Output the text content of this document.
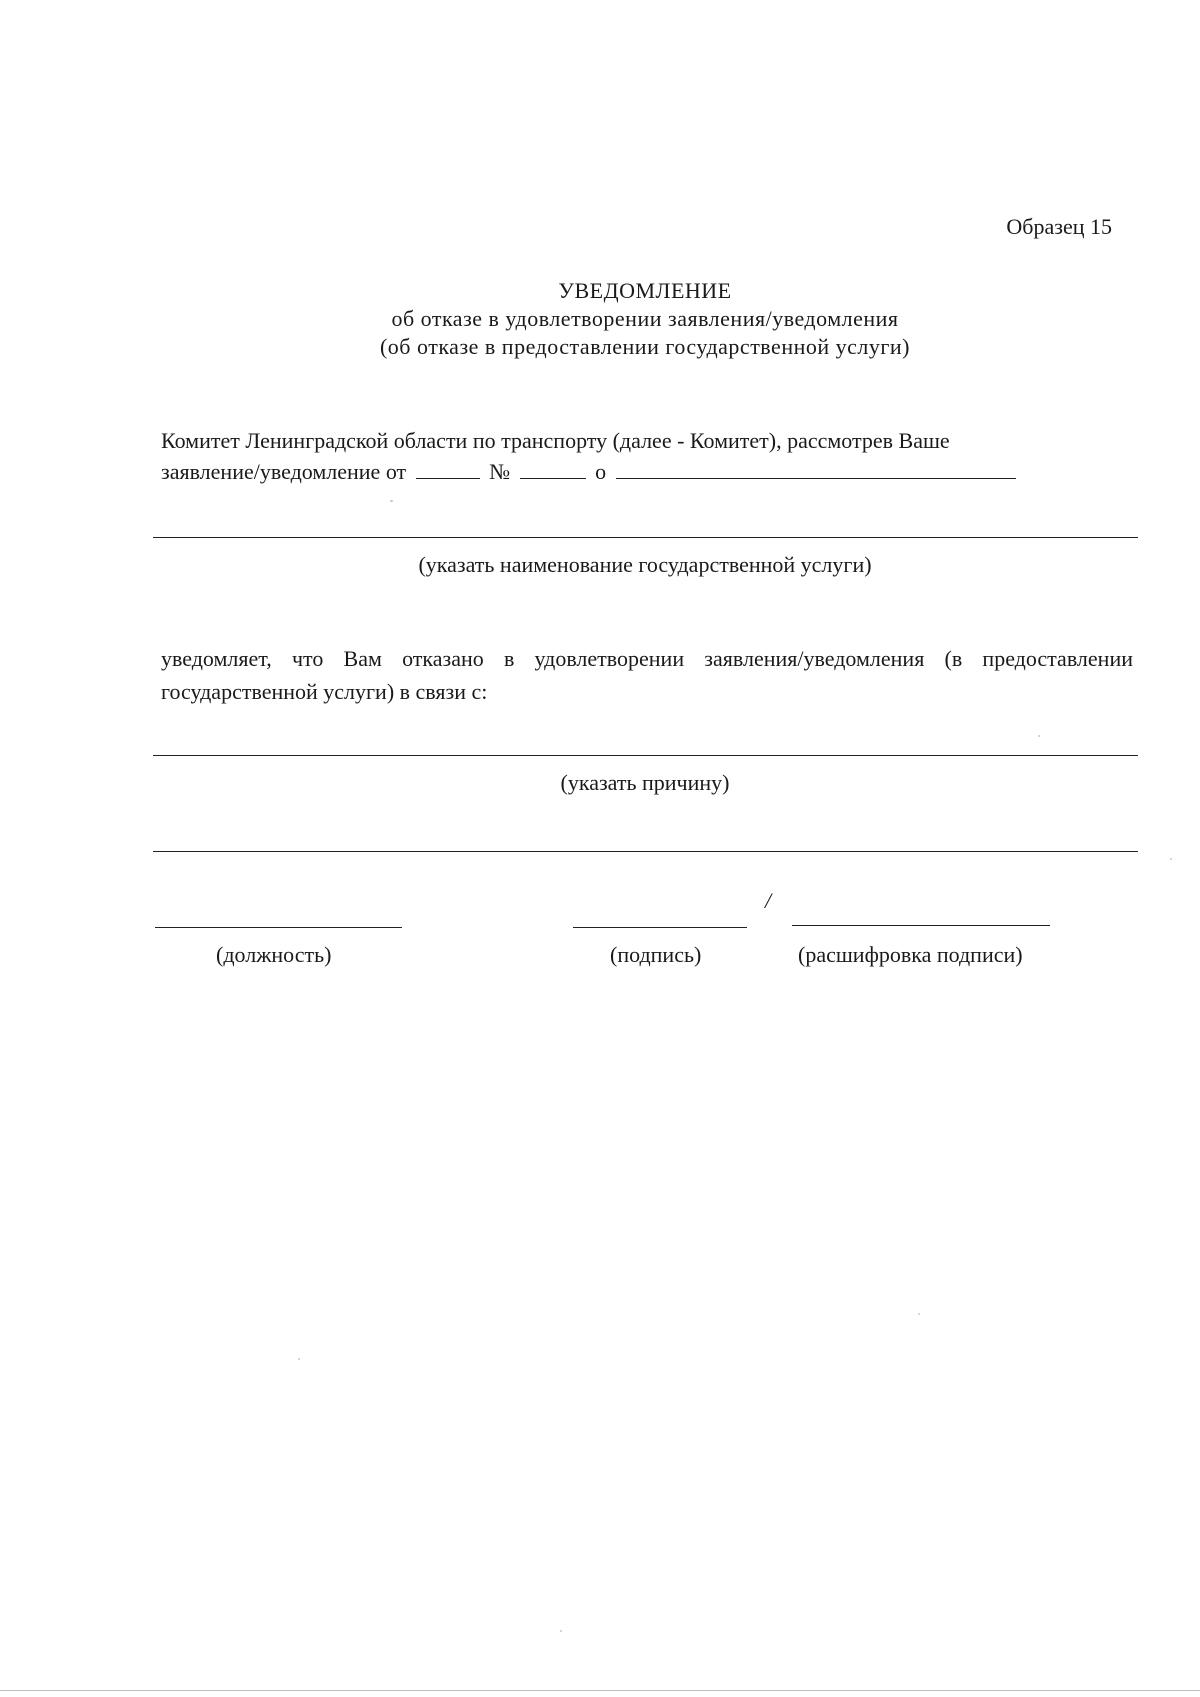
Образец 15
УВЕДОМЛЕНИЕ
об отказе в удовлетворении заявления/уведомления
(об отказе в предоставлении государственной услуги)
Комитет Ленинградской области по транспорту (далее - Комитет), рассмотрев Ваше
заявление/уведомление от	№	о
(указать наименование государственной услуги)
уведомляет, что Вам отказано в удовлетворении заявления/уведомления (в предоставлении государственной услуги) в связи с:
(указать причину)
/
(должность)	(подпись)	(расшифровка подписи)
